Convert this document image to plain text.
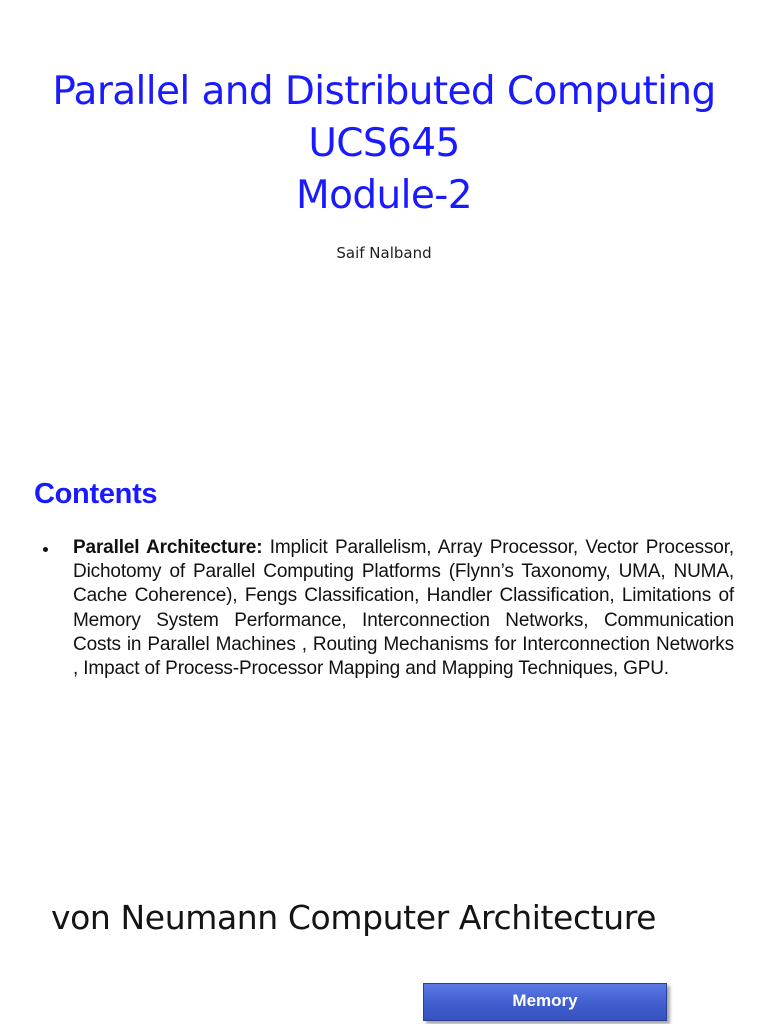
Parallel and Distributed Computing
UCS645
Module-2
Saif Nalband
Contents
Parallel Architecture: Implicit Parallelism, Array Processor, Vector Processor, Dichotomy of Parallel Computing Platforms (Flynn’s Taxonomy, UMA, NUMA, Cache Coherence), Fengs Classification, Handler Classification, Limitations of Memory System Performance, Interconnection Networks, Communication Costs in Parallel Machines , Routing Mechanisms for Interconnection Networks , Impact of Process-Processor Mapping and Mapping Techniques, GPU.
von Neumann Computer Architecture
Memory
